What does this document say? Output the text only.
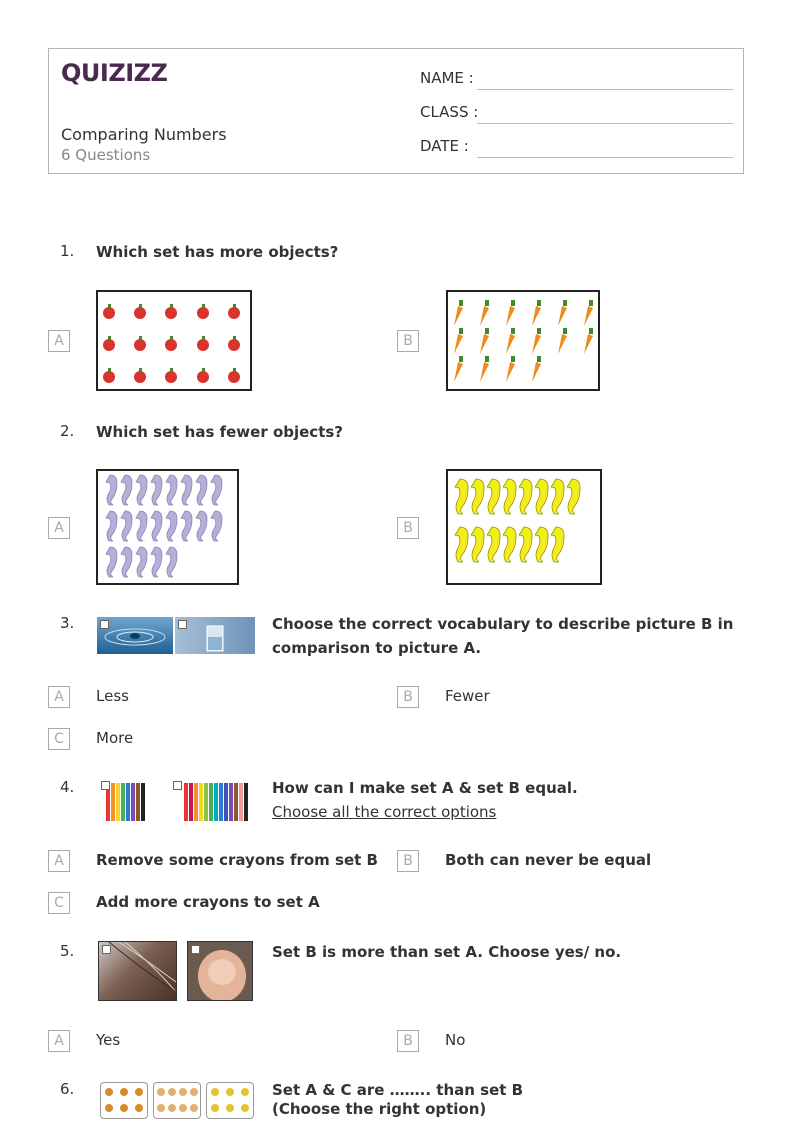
QUIZIZZ
Comparing Numbers
6 Questions
NAME :
CLASS :
DATE :
1. Which set has more objects?
A	B
2. Which set has fewer objects?
A	B
3.	Choose the correct vocabulary to describe picture B in
comparison to picture A.
A	Less	B	Fewer
C	More
4.	How can I make set A & set B equal.
Choose all the correct options
A	Remove some crayons from set B	B	Both can never be equal
C	Add more crayons to set A
5.	Set B is more than set A. Choose yes/ no.
A	Yes	B	No
6.	Set A & C are …….. than set B
(Choose the right option)
